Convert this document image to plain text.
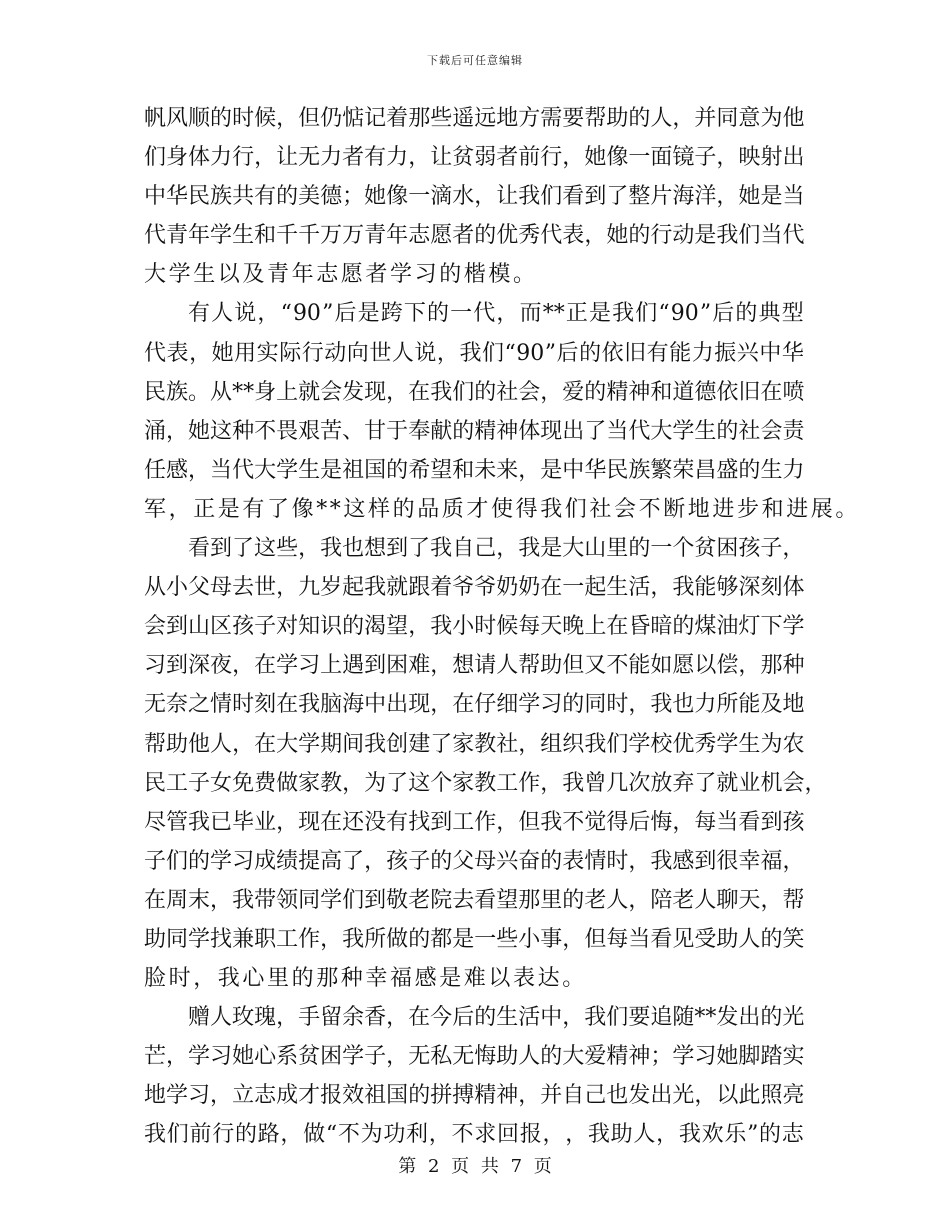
下载后可任意编辑
帆 风 顺 的 时 候 ， 但 仍 惦 记 着 那 些 遥 远 地 方 需 要 帮 助 的 人 ， 并 同 意 为 他
们 身 体 力 行 ， 让 无 力 者 有 力 ， 让 贫 弱 者 前 行 ， 她 像 一 面 镜 子 ， 映 射 出
中 华 民 族 共 有 的 美 德 ； 她 像 一 滴 水 ， 让 我 们 看 到 了 整 片 海 洋 ， 她 是 当
代 青 年 学 生 和 千 千 万 万 青 年 志 愿 者 的 优 秀 代 表 ， 她 的 行 动 是 我 们 当 代
大学生以及青年志愿者学习的楷模。
有 人 说 ， “ 90 ” 后 是 跨 下 的 一 代 ， 而 ** 正 是 我 们 “ 90 ” 后 的 典 型
代 表 ， 她 用 实 际 行 动 向 世 人 说 ， 我 们 “ 90 ” 后 的 依 旧 有 能 力 振 兴 中 华
民 族 。 从 ** 身 上 就 会 发 现 ， 在 我 们 的 社 会 ， 爱 的 精 神 和 道 德 依 旧 在 喷
涌 ， 她 这 种 不 畏 艰 苦 、 甘 于 奉 献 的 精 神 体 现 出 了 当 代 大 学 生 的 社 会 责
任 感 ， 当 代 大 学 生 是 祖 国 的 希 望 和 未 来 ， 是 中 华 民 族 繁 荣 昌 盛 的 生 力
军，正是有了像**这样的品质才使得我们社会不断地进步和进展。
看 到 了 这 些 ， 我 也 想 到 了 我 自 己 ， 我 是 大 山 里 的 一 个 贫 困 孩 子 ，
从 小 父 母 去 世 ， 九 岁 起 我 就 跟 着 爷 爷 奶 奶 在 一 起 生 活 ， 我 能 够 深 刻 体
会 到 山 区 孩 子 对 知 识 的 渴 望 ， 我 小 时 候 每 天 晚 上 在 昏 暗 的 煤 油 灯 下 学
习 到 深 夜 ， 在 学 习 上 遇 到 困 难 ， 想 请 人 帮 助 但 又 不 能 如 愿 以 偿 ， 那 种
无 奈 之 情 时 刻 在 我 脑 海 中 出 现 ， 在 仔 细 学 习 的 同 时 ， 我 也 力 所 能 及 地
帮 助 他 人 ， 在 大 学 期 间 我 创 建 了 家 教 社 ， 组 织 我 们 学 校 优 秀 学 生 为 农
民 工 子 女 免 费 做 家 教 ， 为 了 这 个 家 教 工 作 ， 我 曾 几 次 放 弃 了 就 业 机 会 ，
尽 管 我 已 毕 业 ， 现 在 还 没 有 找 到 工 作 ， 但 我 不 觉 得 后 悔 ， 每 当 看 到 孩
子 们 的 学 习 成 绩 提 高 了 ， 孩 子 的 父 母 兴 奋 的 表 情 时 ， 我 感 到 很 幸 福 ，
在 周 末 ， 我 带 领 同 学 们 到 敬 老 院 去 看 望 那 里 的 老 人 ， 陪 老 人 聊 天 ， 帮
助 同 学 找 兼 职 工 作 ， 我 所 做 的 都 是 一 些 小 事 ， 但 每 当 看 见 受 助 人 的 笑
脸时，我心里的那种幸福感是难以表达。
赠 人 玫 瑰 ， 手 留 余 香 ， 在 今 后 的 生 活 中 ， 我 们 要 追 随 ** 发 出 的 光
芒 ， 学 习 她 心 系 贫 困 学 子 ， 无 私 无 悔 助 人 的 大 爱 精 神 ； 学 习 她 脚 踏 实
地 学 习 ， 立 志 成 才 报 效 祖 国 的 拼 搏 精 神 ， 并 自 己 也 发 出 光 ， 以 此 照 亮
我 们 前 行 的 路 ， 做 “ 不 为 功 利 ， 不 求 回 报 ， ， 我 助 人 ， 我 欢 乐 ” 的 志
第 2 页 共 7 页
